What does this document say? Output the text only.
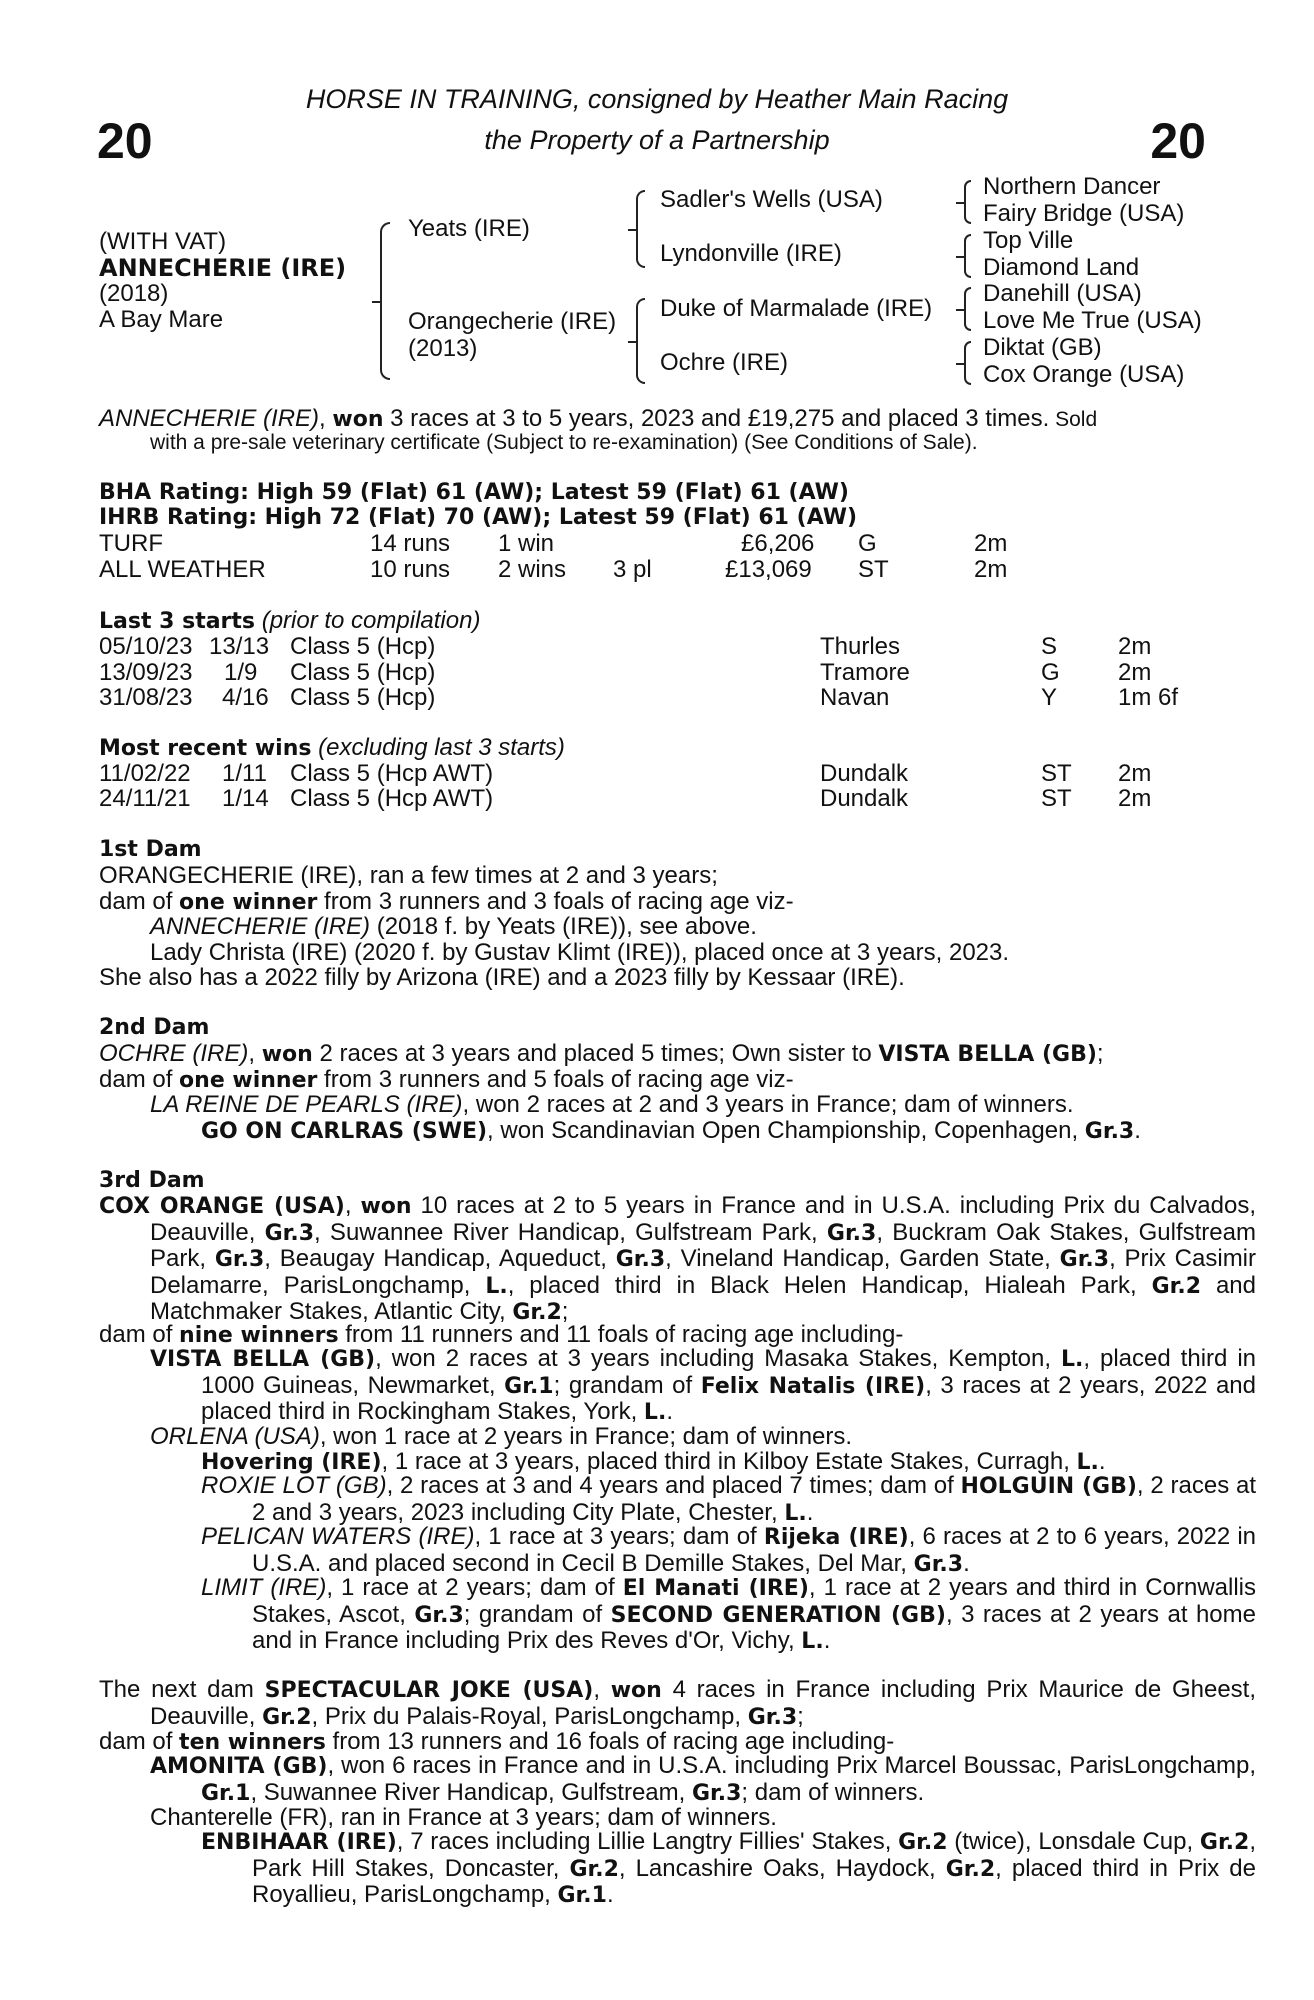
20	20
HORSE IN TRAINING, consigned by Heather Main Racing
the Property of a Partnership
(WITH VAT)
ANNECHERIE (IRE)
(2018)
A Bay Mare
Yeats (IRE)
Orangecherie (IRE)
(2013)
Sadler's Wells (USA)
Lyndonville (IRE)
Duke of Marmalade (IRE)
Ochre (IRE)
Northern Dancer
Fairy Bridge (USA)
Top Ville
Diamond Land
Danehill (USA)
Love Me True (USA)
Diktat (GB)
Cox Orange (USA)
ANNECHERIE (IRE), won 3 races at 3 to 5 years, 2023 and £19,275 and placed 3 times. Sold
with a pre-sale veterinary certificate (Subject to re-examination) (See Conditions of Sale).
BHA Rating: High 59 (Flat) 61 (AW); Latest 59 (Flat) 61 (AW)
IHRB Rating: High 72 (Flat) 70 (AW); Latest 59 (Flat) 61 (AW)
TURF	14 runs 1 win	£6,206 G	2m
ALL WEATHER	10 runs 2 wins 3 pl	£13,069 ST	2m
Last 3 starts (prior to compilation)
05/10/23 13/13 Class 5 (Hcp)	Thurles	S	2m
13/09/23 1/9 Class 5 (Hcp)	Tramore	G 2m
31/08/23 4/16 Class 5 (Hcp)	Navan	Y	1m 6f
Most recent wins (excluding last 3 starts)
11/02/22 1/11 Class 5 (Hcp AWT)	Dundalk	ST 2m
24/11/21 1/14 Class 5 (Hcp AWT)	Dundalk	ST 2m
1st Dam
ORANGECHERIE (IRE), ran a few times at 2 and 3 years;
dam of one winner from 3 runners and 3 foals of racing age viz-
ANNECHERIE (IRE) (2018 f. by Yeats (IRE)), see above.
Lady Christa (IRE) (2020 f. by Gustav Klimt (IRE)), placed once at 3 years, 2023.
She also has a 2022 filly by Arizona (IRE) and a 2023 filly by Kessaar (IRE).
2nd Dam
OCHRE (IRE), won 2 races at 3 years and placed 5 times; Own sister to VISTA BELLA (GB);
dam of one winner from 3 runners and 5 foals of racing age viz-
LA REINE DE PEARLS (IRE), won 2 races at 2 and 3 years in France; dam of winners.
GO ON CARLRAS (SWE), won Scandinavian Open Championship, Copenhagen, Gr.3.
3rd Dam
COX ORANGE (USA), won 10 races at 2 to 5 years in France and in U.S.A. including Prix du Calvados, Deauville, Gr.3, Suwannee River Handicap, Gulfstream Park, Gr.3, Buckram Oak Stakes, Gulfstream Park, Gr.3, Beaugay Handicap, Aqueduct, Gr.3, Vineland Handicap, Garden State, Gr.3, Prix Casimir Delamarre, ParisLongchamp, L., placed third in Black Helen Handicap, Hialeah Park, Gr.2 and Matchmaker Stakes, Atlantic City, Gr.2;
dam of nine winners from 11 runners and 11 foals of racing age including-
VISTA BELLA (GB), won 2 races at 3 years including Masaka Stakes, Kempton, L., placed third in 1000 Guineas, Newmarket, Gr.1; grandam of Felix Natalis (IRE), 3 races at 2 years, 2022 and placed third in Rockingham Stakes, York, L..
ORLENA (USA), won 1 race at 2 years in France; dam of winners.
Hovering (IRE), 1 race at 3 years, placed third in Kilboy Estate Stakes, Curragh, L..
ROXIE LOT (GB), 2 races at 3 and 4 years and placed 7 times; dam of HOLGUIN (GB), 2 races at 2 and 3 years, 2023 including City Plate, Chester, L..
PELICAN WATERS (IRE), 1 race at 3 years; dam of Rijeka (IRE), 6 races at 2 to 6 years, 2022 in U.S.A. and placed second in Cecil B Demille Stakes, Del Mar, Gr.3.
LIMIT (IRE), 1 race at 2 years; dam of El Manati (IRE), 1 race at 2 years and third in Cornwallis Stakes, Ascot, Gr.3; grandam of SECOND GENERATION (GB), 3 races at 2 years at home and in France including Prix des Reves d'Or, Vichy, L..
The next dam SPECTACULAR JOKE (USA), won 4 races in France including Prix Maurice de Gheest, Deauville, Gr.2, Prix du Palais-Royal, ParisLongchamp, Gr.3;
dam of ten winners from 13 runners and 16 foals of racing age including-
AMONITA (GB), won 6 races in France and in U.S.A. including Prix Marcel Boussac, ParisLongchamp, Gr.1, Suwannee River Handicap, Gulfstream, Gr.3; dam of winners.
Chanterelle (FR), ran in France at 3 years; dam of winners.
ENBIHAAR (IRE), 7 races including Lillie Langtry Fillies' Stakes, Gr.2 (twice), Lonsdale Cup, Gr.2, Park Hill Stakes, Doncaster, Gr.2, Lancashire Oaks, Haydock, Gr.2, placed third in Prix de Royallieu, ParisLongchamp, Gr.1.
